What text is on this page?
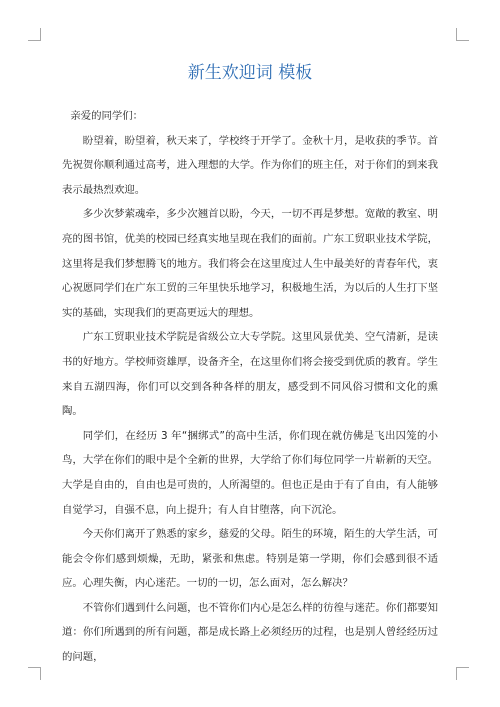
新生欢迎词 模板

亲爱的同学们：

盼望着，盼望着，秋天来了，学校终于开学了。金秋十月，是收获的季节。首先祝贺你顺利通过高考，进入理想的大学。作为你们的班主任，对于你们的到来我表示最热烈欢迎。

多少次梦萦魂牵，多少次翘首以盼，今天，一切不再是梦想。宽敞的教室、明亮的图书馆，优美的校园已经真实地呈现在我们的面前。广东工贸职业技术学院，这里将是我们梦想腾飞的地方。我们将会在这里度过人生中最美好的青春年代，衷心祝愿同学们在广东工贸的三年里快乐地学习，积极地生活，为以后的人生打下坚实的基础，实现我们的更高更远大的理想。

广东工贸职业技术学院是省级公立大专学院。这里风景优美、空气清新，是读书的好地方。学校师资雄厚，设备齐全，在这里你们将会接受到优质的教育。学生来自五湖四海，你们可以交到各种各样的朋友，感受到不同风俗习惯和文化的熏陶。

同学们，在经历 3 年“捆绑式”的高中生活，你们现在就仿佛是飞出囚笼的小鸟，大学在你们的眼中是个全新的世界，大学给了你们每位同学一片崭新的天空。大学是自由的，自由也是可贵的，人所渴望的。但也正是由于有了自由，有人能够自觉学习，自强不息，向上提升；有人自甘堕落，向下沉沦。

今天你们离开了熟悉的家乡，慈爱的父母。陌生的环境，陌生的大学生活，可能会令你们感到烦燥，无助，紧张和焦虑。特别是第一学期，你们会感到很不适应。心理失衡，内心迷茫。一切的一切，怎么面对，怎么解决？

不管你们遇到什么问题，也不管你们内心是怎么样的彷徨与迷茫。你们都要知道：你们所遇到的所有问题，都是成长路上必须经历的过程，也是别人曾经经历过的问题，
